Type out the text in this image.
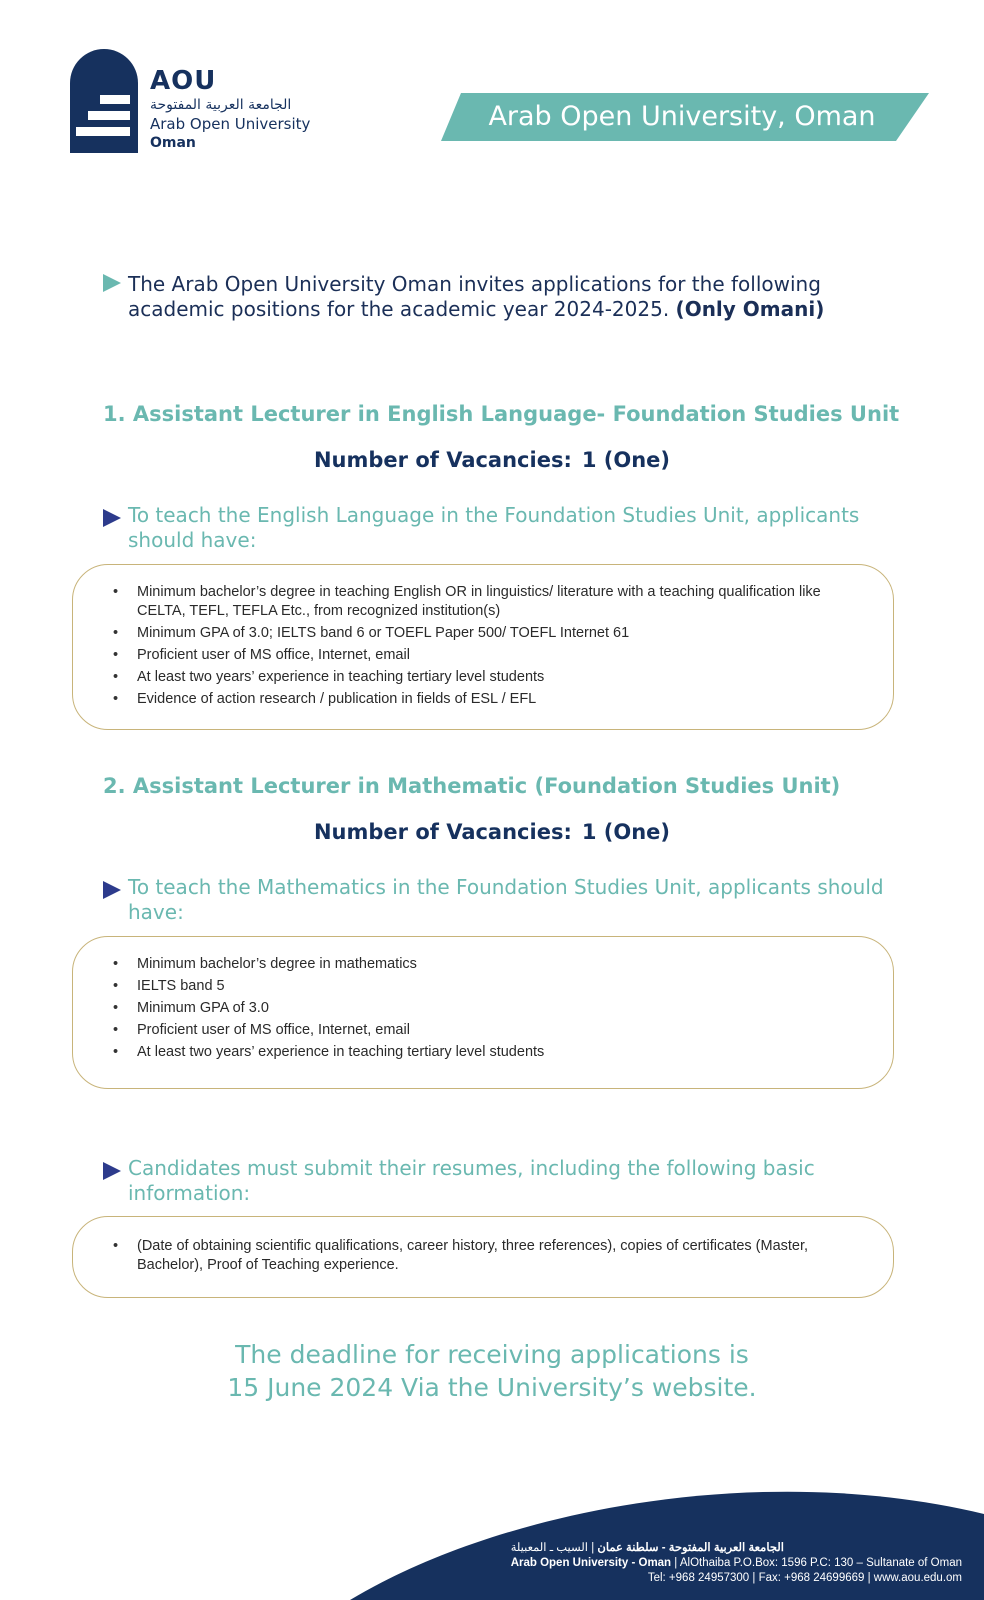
AOU
الجامعة العربية المفتوحة
Arab Open University
Oman
Arab Open University, Oman
The Arab Open University Oman invites applications for the following academic positions for the academic year 2024-2025. (Only Omani)
1. Assistant Lecturer in English Language- Foundation Studies Unit
Number of Vacancies: 1 (One)
To teach the English Language in the Foundation Studies Unit, applicants should have:
• Minimum bachelor’s degree in teaching English OR in linguistics/ literature with a teaching qualification like CELTA, TEFL, TEFLA Etc., from recognized institution(s)
• Minimum GPA of 3.0; IELTS band 6 or TOEFL Paper 500/ TOEFL Internet 61
• Proficient user of MS office, Internet, email
• At least two years’ experience in teaching tertiary level students
• Evidence of action research / publication in fields of ESL / EFL
2. Assistant Lecturer in Mathematic (Foundation Studies Unit)
Number of Vacancies: 1 (One)
To teach the Mathematics in the Foundation Studies Unit, applicants should have:
• Minimum bachelor’s degree in mathematics
• IELTS band 5
• Minimum GPA of 3.0
• Proficient user of MS office, Internet, email
• At least two years’ experience in teaching tertiary level students
Candidates must submit their resumes, including the following basic information:
• (Date of obtaining scientific qualifications, career history, three references), copies of certificates (Master, Bachelor), Proof of Teaching experience.
The deadline for receiving applications is
15 June 2024 Via the University’s website.
الجامعة العربية المفتوحة - سلطنة عمان | السيب ـ المعبيلة
Arab Open University - Oman | AlOthaiba P.O.Box: 1596 P.C: 130 – Sultanate of Oman
Tel: +968 24957300 | Fax: +968 24699669 | www.aou.edu.om
